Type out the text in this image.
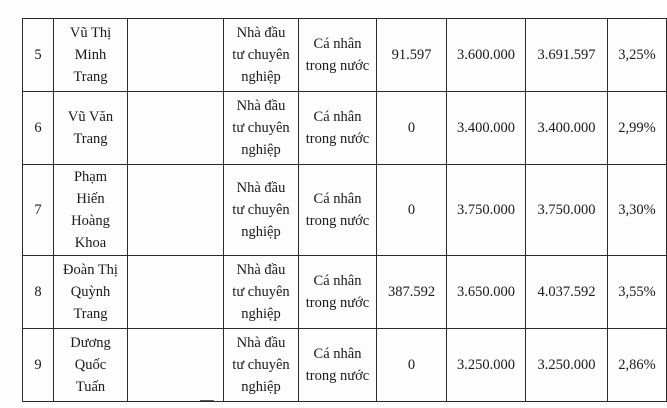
5	Vũ Thị
Minh
Trang		Nhà đầu
tư chuyên
nghiệp	Cá nhân
trong nước	91.597	3.600.000	3.691.597	3,25%
6	Vũ Văn
Trang		Nhà đầu
tư chuyên
nghiệp	Cá nhân
trong nước	0	3.400.000	3.400.000	2,99%
7	Phạm
Hiến
Hoàng
Khoa		Nhà đầu
tư chuyên
nghiệp	Cá nhân
trong nước	0	3.750.000	3.750.000	3,30%
8	Đoàn Thị
Quỳnh
Trang		Nhà đầu
tư chuyên
nghiệp	Cá nhân
trong nước	387.592	3.650.000	4.037.592	3,55%
9	Dương
Quốc
Tuấn		Nhà đầu
tư chuyên
nghiệp	Cá nhân
trong nước	0	3.250.000	3.250.000	2,86%
